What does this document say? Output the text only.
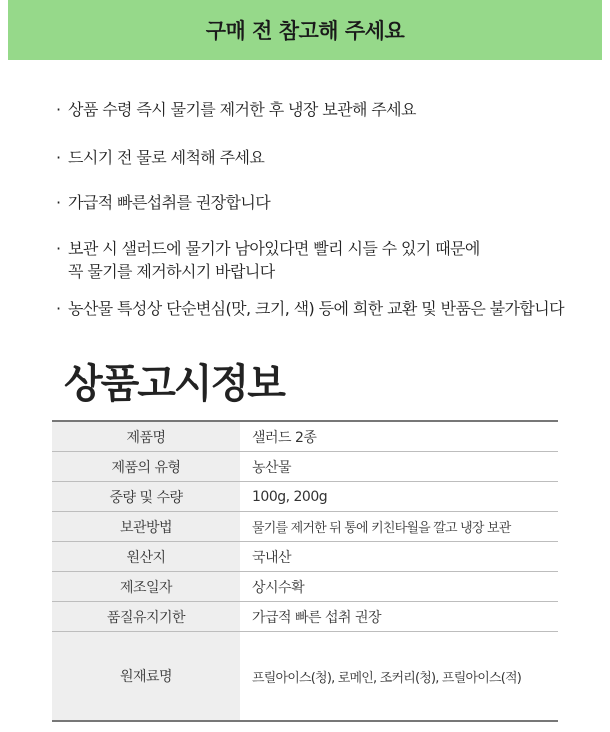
구매 전 참고해 주세요
· 상품 수령 즉시 물기를 제거한 후 냉장 보관해 주세요
· 드시기 전 물로 세척해 주세요
· 가급적 빠른섭취를 권장합니다
· 보관 시 샐러드에 물기가 남아있다면 빨리 시들 수 있기 때문에
꼭 물기를 제거하시기 바랍니다
· 농산물 특성상 단순변심(맛, 크기, 색) 등에 희한 교환 및 반품은 불가합니다
상품고시정보
제품명	샐러드 2종
제품의 유형	농산물
중량 및 수량	100g, 200g
보관방법	물기를 제거한 뒤 통에 키친타월을 깔고 냉장 보관
원산지	국내산
제조일자	상시수확
품질유지기한	가급적 빠른 섭취 권장
원재료명	프릴아이스(청), 로메인, 조커리(청), 프릴아이스(적)
